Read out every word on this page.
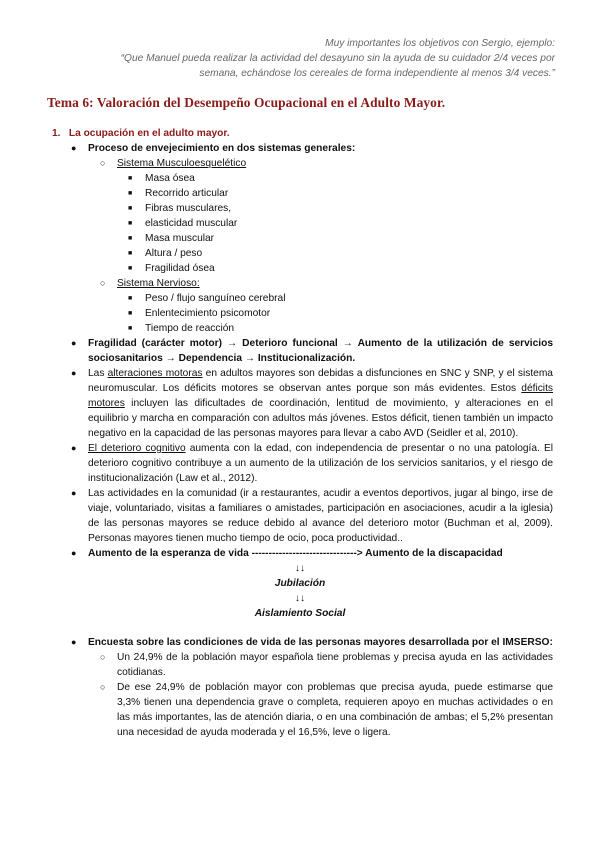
Muy importantes los objetivos con Sergio, ejemplo:
“Que Manuel pueda realizar la actividad del desayuno sin la ayuda de su cuidador 2/4 veces por
semana, echándose los cereales de forma independiente al menos 3/4 veces.”
Tema 6: Valoración del Desempeño Ocupacional en el Adulto Mayor.
1. La ocupación en el adulto mayor.
● Proceso de envejecimiento en dos sistemas generales:
○ Sistema Musculoesquelético
■ Masa ósea
■ Recorrido articular
■ Fibras musculares,
■ elasticidad muscular
■ Masa muscular
■ Altura / peso
■ Fragilidad ósea
○ Sistema Nervioso:
■ Peso / flujo sanguíneo cerebral
■ Enlentecimiento psicomotor
■ Tiempo de reacción
● Fragilidad (carácter motor) → Deterioro funcional → Aumento de la utilización de servicios sociosanitarios → Dependencia → Institucionalización.
● Las alteraciones motoras en adultos mayores son debidas a disfunciones en SNC y SNP, y el sistema neuromuscular. Los déficits motores se observan antes porque son más evidentes. Estos déficits motores incluyen las dificultades de coordinación, lentitud de movimiento, y alteraciones en el equilibrio y marcha en comparación con adultos más jóvenes. Estos déficit, tienen también un impacto negativo en la capacidad de las personas mayores para llevar a cabo AVD (Seidler et al, 2010).
● El deterioro cognitivo aumenta con la edad, con independencia de presentar o no una patología. El deterioro cognitivo contribuye a un aumento de la utilización de los servicios sanitarios, y el riesgo de institucionalización (Law et al., 2012).
● Las actividades en la comunidad (ir a restaurantes, acudir a eventos deportivos, jugar al bingo, irse de viaje, voluntariado, visitas a familiares o amistades, participación en asociaciones, acudir a la iglesia) de las personas mayores se reduce debido al avance del deterioro motor (Buchman et al, 2009). Personas mayores tienen mucho tiempo de ocio, poca productividad..
● Aumento de la esperanza de vida -------------------------------> Aumento de la discapacidad
↓↓
Jubilación
↓↓
Aislamiento Social
● Encuesta sobre las condiciones de vida de las personas mayores desarrollada por el IMSERSO:
○ Un 24,9% de la población mayor española tiene problemas y precisa ayuda en las actividades cotidianas.
○ De ese 24,9% de población mayor con problemas que precisa ayuda, puede estimarse que 3,3% tienen una dependencia grave o completa, requieren apoyo en muchas actividades o en las más importantes, las de atención diaria, o en una combinación de ambas; el 5,2% presentan una necesidad de ayuda moderada y el 16,5%, leve o ligera.
